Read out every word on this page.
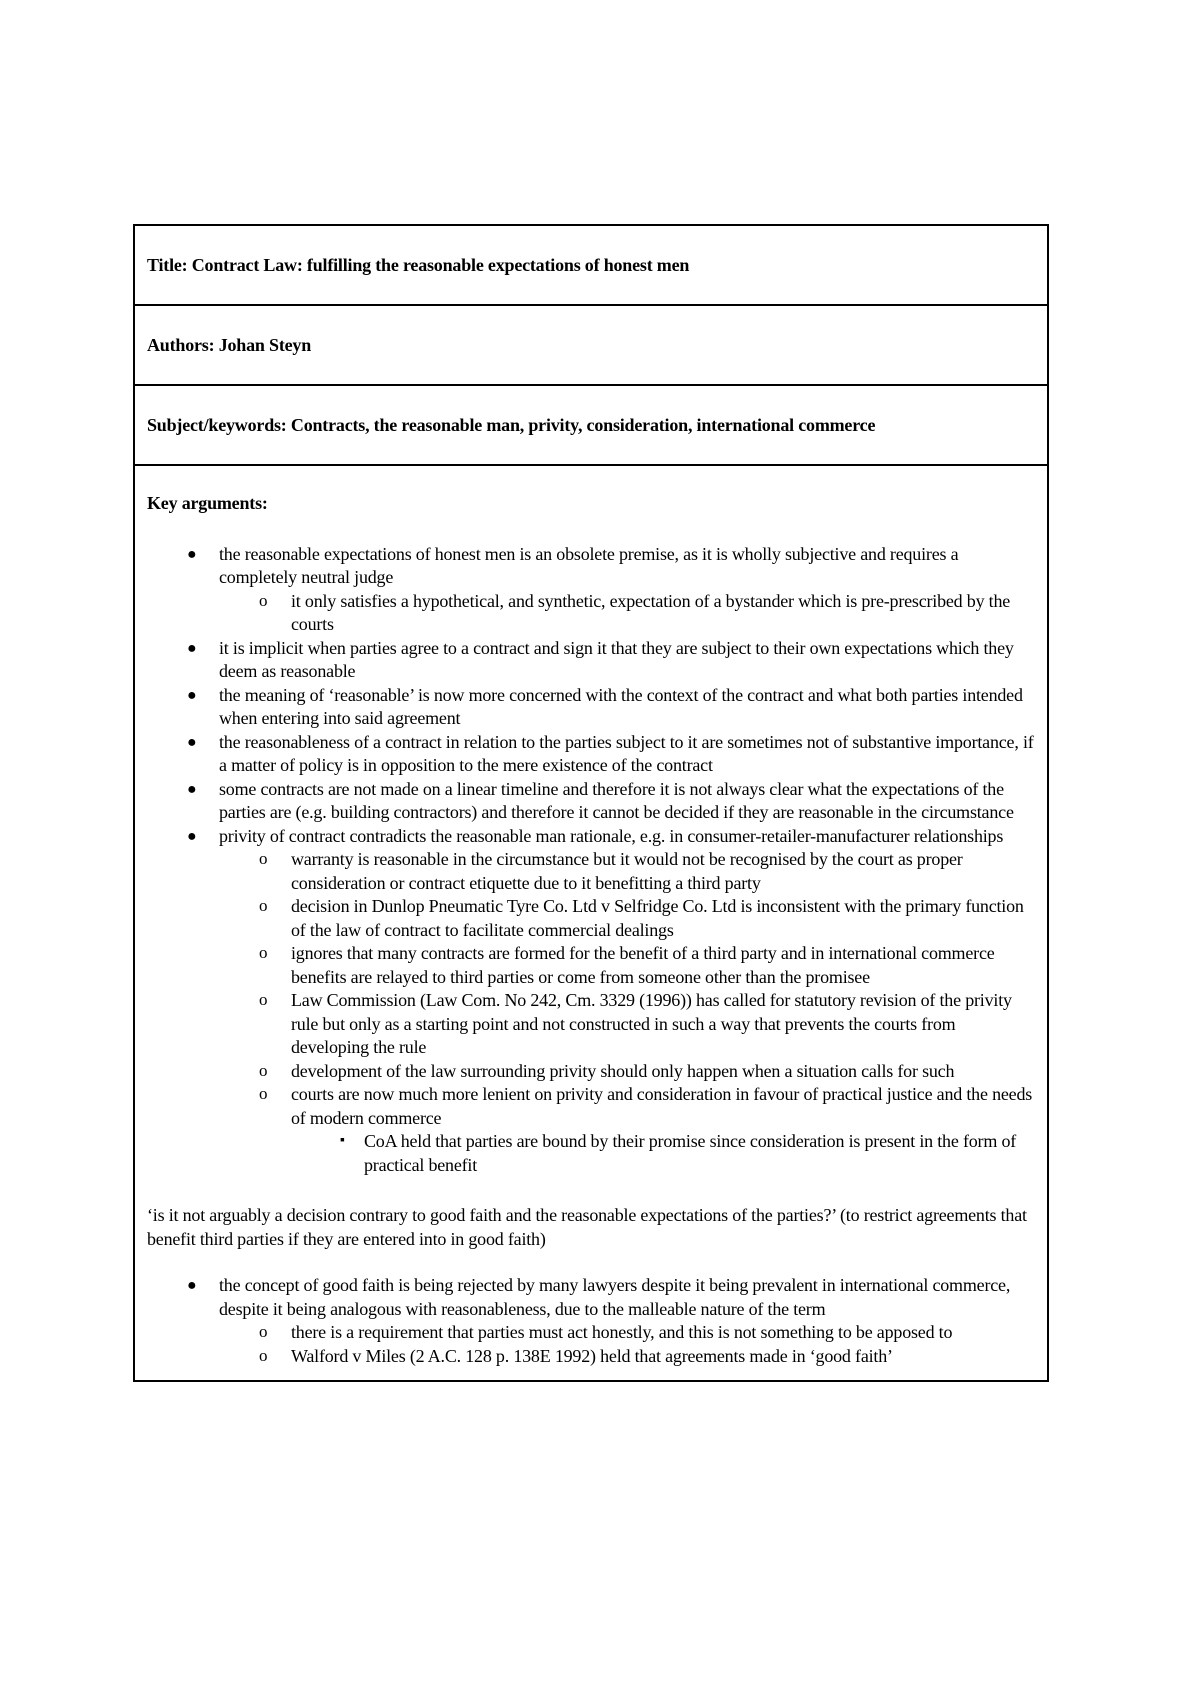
Title: Contract Law: fulfilling the reasonable expectations of honest men
Authors: Johan Steyn
Subject/keywords: Contracts, the reasonable man, privity, consideration, international commerce
Key arguments:
● the reasonable expectations of honest men is an obsolete premise, as it is wholly subjective and requires a completely neutral judge
o it only satisfies a hypothetical, and synthetic, expectation of a bystander which is pre-prescribed by the courts
● it is implicit when parties agree to a contract and sign it that they are subject to their own expectations which they deem as reasonable
● the meaning of ‘reasonable’ is now more concerned with the context of the contract and what both parties intended when entering into said agreement
● the reasonableness of a contract in relation to the parties subject to it are sometimes not of substantive importance, if a matter of policy is in opposition to the mere existence of the contract
● some contracts are not made on a linear timeline and therefore it is not always clear what the expectations of the parties are (e.g. building contractors) and therefore it cannot be decided if they are reasonable in the circumstance
● privity of contract contradicts the reasonable man rationale, e.g. in consumer-retailer-manufacturer relationships
o warranty is reasonable in the circumstance but it would not be recognised by the court as proper consideration or contract etiquette due to it benefitting a third party
o decision in Dunlop Pneumatic Tyre Co. Ltd v Selfridge Co. Ltd is inconsistent with the primary function of the law of contract to facilitate commercial dealings
o ignores that many contracts are formed for the benefit of a third party and in international commerce benefits are relayed to third parties or come from someone other than the promisee
o Law Commission (Law Com. No 242, Cm. 3329 (1996)) has called for statutory revision of the privity rule but only as a starting point and not constructed in such a way that prevents the courts from developing the rule
o development of the law surrounding privity should only happen when a situation calls for such
o courts are now much more lenient on privity and consideration in favour of practical justice and the needs of modern commerce
▪ CoA held that parties are bound by their promise since consideration is present in the form of practical benefit
‘is it not arguably a decision contrary to good faith and the reasonable expectations of the parties?’ (to restrict agreements that benefit third parties if they are entered into in good faith)
● the concept of good faith is being rejected by many lawyers despite it being prevalent in international commerce, despite it being analogous with reasonableness, due to the malleable nature of the term
o there is a requirement that parties must act honestly, and this is not something to be apposed to
o Walford v Miles (2 A.C. 128 p. 138E 1992) held that agreements made in ‘good faith’
